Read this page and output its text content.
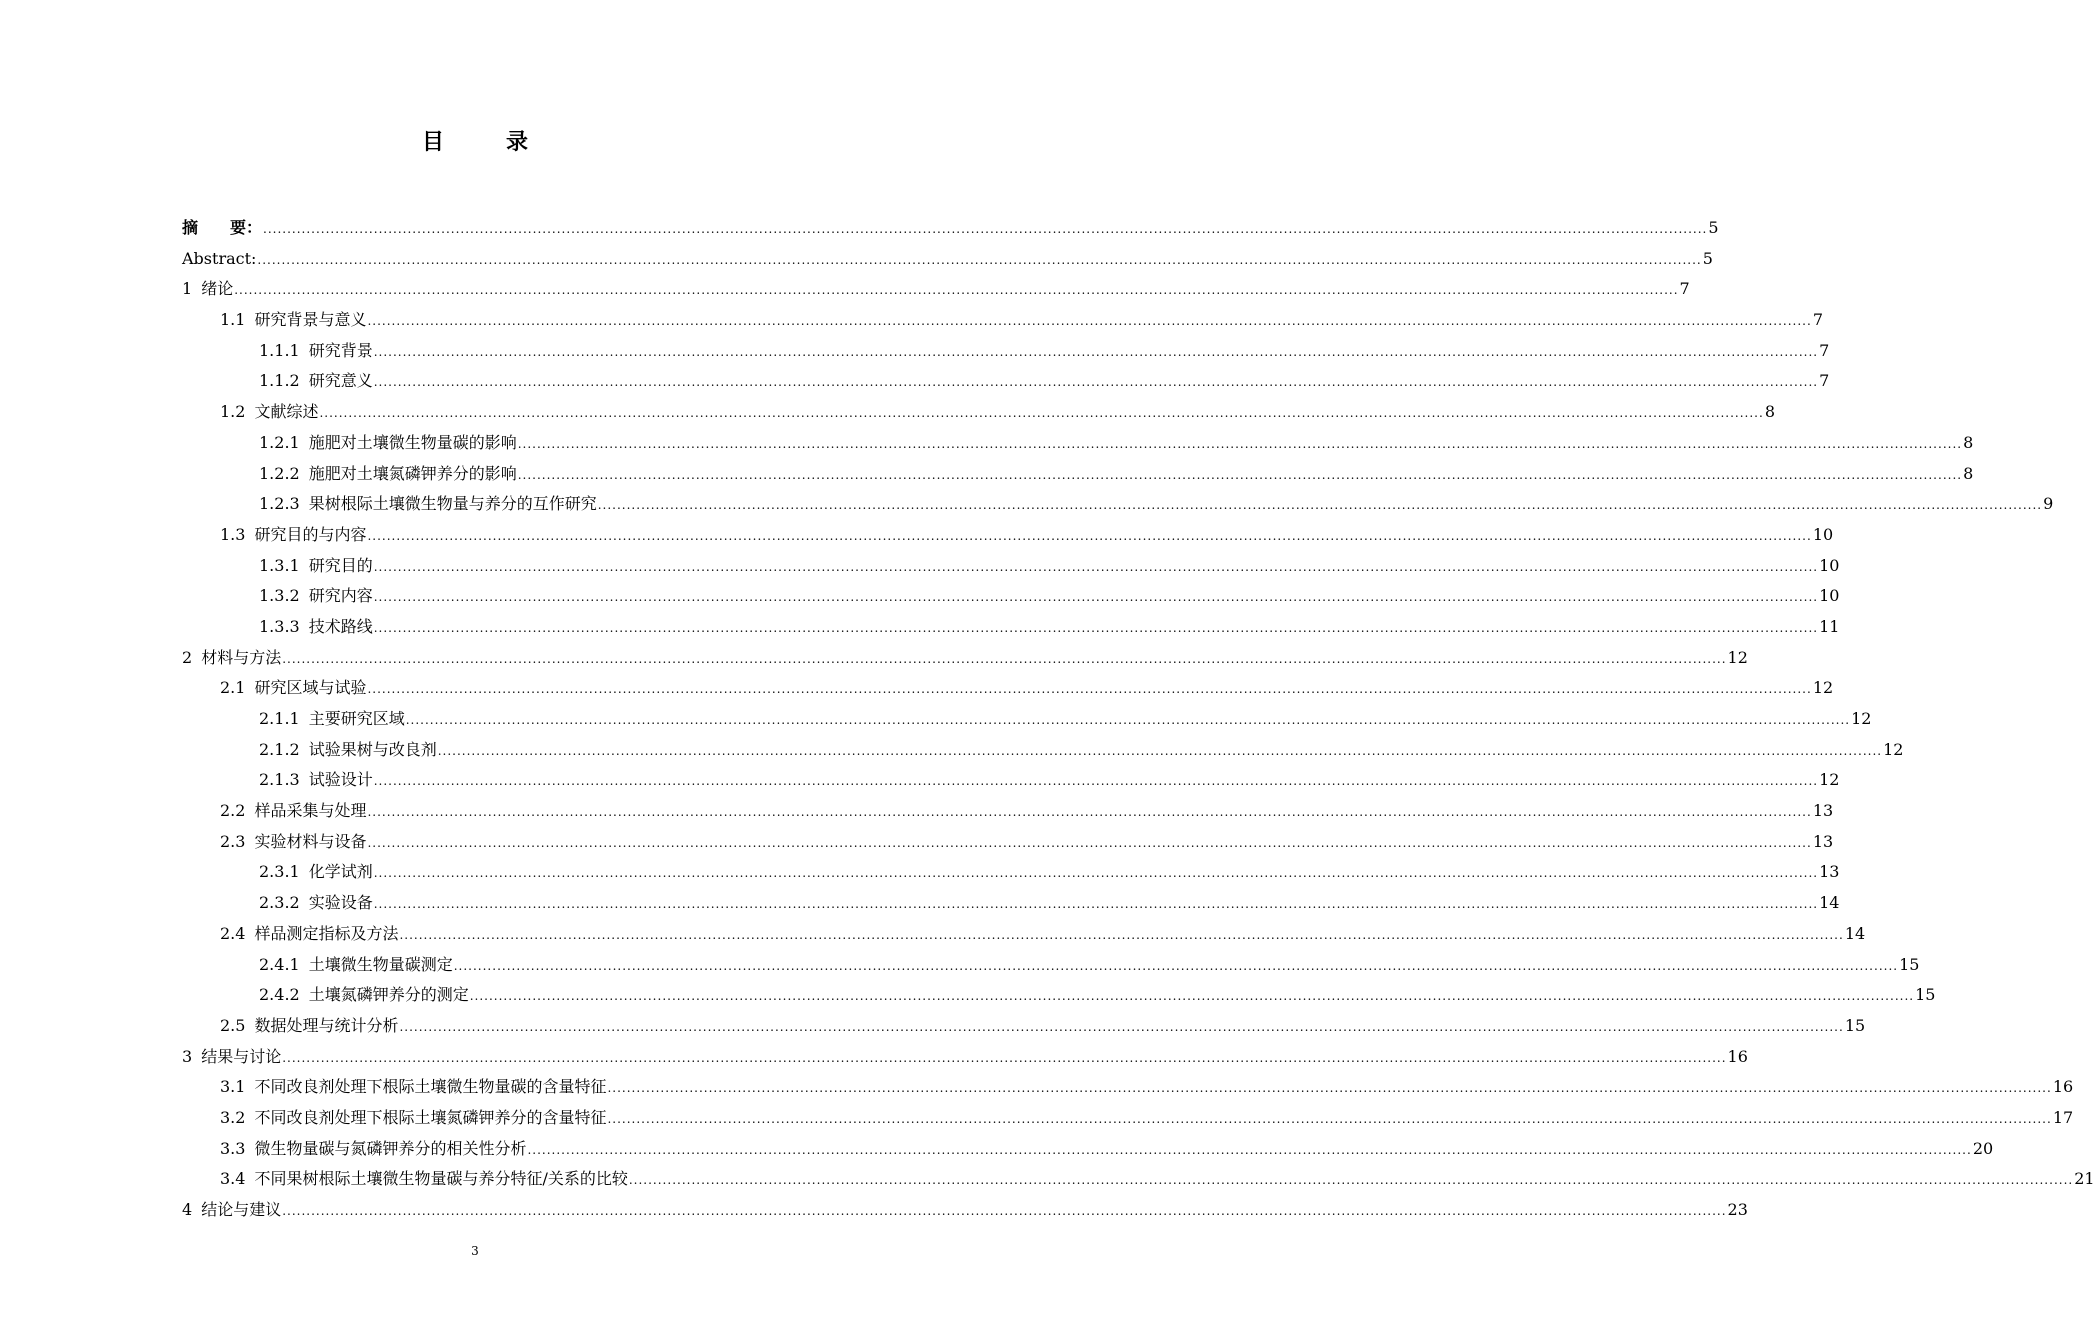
目　录
摘　　要： ............................................................................................................................................................................................................................................................................................................ 5
Abstract: ............................................................................................................................................................................................................................................................................................................ 5
1 绪论 ............................................................................................................................................................................................................................................................................................................ 7
1.1 研究背景与意义 ............................................................................................................................................................................................................................................................................................................ 7
1.1.1 研究背景 ............................................................................................................................................................................................................................................................................................................ 7
1.1.2 研究意义 ............................................................................................................................................................................................................................................................................................................ 7
1.2 文献综述 ............................................................................................................................................................................................................................................................................................................ 8
1.2.1 施肥对土壤微生物量碳的影响 ............................................................................................................................................................................................................................................................................................................ 8
1.2.2 施肥对土壤氮磷钾养分的影响 ............................................................................................................................................................................................................................................................................................................ 8
1.2.3 果树根际土壤微生物量与养分的互作研究 ............................................................................................................................................................................................................................................................................................................ 9
1.3 研究目的与内容 ............................................................................................................................................................................................................................................................................................................ 10
1.3.1 研究目的 ............................................................................................................................................................................................................................................................................................................ 10
1.3.2 研究内容 ............................................................................................................................................................................................................................................................................................................ 10
1.3.3 技术路线 ............................................................................................................................................................................................................................................................................................................ 11
2 材料与方法 ............................................................................................................................................................................................................................................................................................................ 12
2.1 研究区域与试验 ............................................................................................................................................................................................................................................................................................................ 12
2.1.1 主要研究区域 ............................................................................................................................................................................................................................................................................................................ 12
2.1.2 试验果树与改良剂 ............................................................................................................................................................................................................................................................................................................ 12
2.1.3 试验设计 ............................................................................................................................................................................................................................................................................................................ 12
2.2 样品采集与处理 ............................................................................................................................................................................................................................................................................................................ 13
2.3 实验材料与设备 ............................................................................................................................................................................................................................................................................................................ 13
2.3.1 化学试剂 ............................................................................................................................................................................................................................................................................................................ 13
2.3.2 实验设备 ............................................................................................................................................................................................................................................................................................................ 14
2.4 样品测定指标及方法 ............................................................................................................................................................................................................................................................................................................ 14
2.4.1 土壤微生物量碳测定 ............................................................................................................................................................................................................................................................................................................ 15
2.4.2 土壤氮磷钾养分的测定 ............................................................................................................................................................................................................................................................................................................ 15
2.5 数据处理与统计分析 ............................................................................................................................................................................................................................................................................................................ 15
3 结果与讨论 ............................................................................................................................................................................................................................................................................................................ 16
3.1 不同改良剂处理下根际土壤微生物量碳的含量特征 ............................................................................................................................................................................................................................................................................................................ 16
3.2 不同改良剂处理下根际土壤氮磷钾养分的含量特征 ............................................................................................................................................................................................................................................................................................................ 17
3.3 微生物量碳与氮磷钾养分的相关性分析 ............................................................................................................................................................................................................................................................................................................ 20
3.4 不同果树根际土壤微生物量碳与养分特征/关系的比较 ............................................................................................................................................................................................................................................................................................................ 21
4 结论与建议 ............................................................................................................................................................................................................................................................................................................ 23
3
